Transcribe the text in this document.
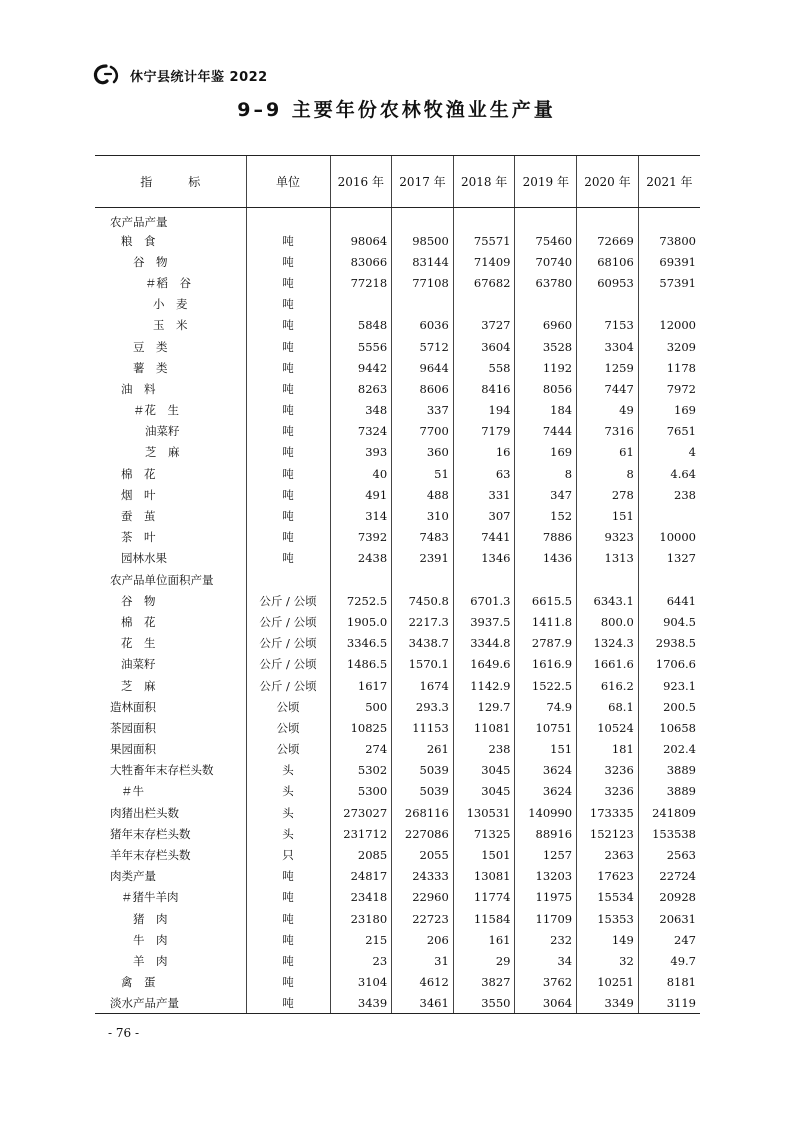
休宁县统计年鉴 2022
9–9 主要年份农林牧渔业生产量
指　　　标	单位	2016 年	2017 年	2018 年	2019 年	2020 年	2021 年
农产品产量							
粮　食	吨	98064	98500	75571	75460	72669	73800
谷　物	吨	83066	83144	71409	70740	68106	69391
＃稻　谷	吨	77218	77108	67682	63780	60953	57391
小　麦	吨						
玉　米	吨	5848	6036	3727	6960	7153	12000
豆　类	吨	5556	5712	3604	3528	3304	3209
薯　类	吨	9442	9644	558	1192	1259	1178
油　料	吨	8263	8606	8416	8056	7447	7972
＃花　生	吨	348	337	194	184	49	169
油菜籽	吨	7324	7700	7179	7444	7316	7651
芝　麻	吨	393	360	16	169	61	4
棉　花	吨	40	51	63	8	8	4.64
烟　叶	吨	491	488	331	347	278	238
蚕　茧	吨	314	310	307	152	151	
茶　叶	吨	7392	7483	7441	7886	9323	10000
园林水果	吨	2438	2391	1346	1436	1313	1327
农产品单位面积产量							
谷　物	公斤 / 公顷	7252.5	7450.8	6701.3	6615.5	6343.1	6441
棉　花	公斤 / 公顷	1905.0	2217.3	3937.5	1411.8	800.0	904.5
花　生	公斤 / 公顷	3346.5	3438.7	3344.8	2787.9	1324.3	2938.5
油菜籽	公斤 / 公顷	1486.5	1570.1	1649.6	1616.9	1661.6	1706.6
芝　麻	公斤 / 公顷	1617	1674	1142.9	1522.5	616.2	923.1
造林面积	公顷	500	293.3	129.7	74.9	68.1	200.5
茶园面积	公顷	10825	11153	11081	10751	10524	10658
果园面积	公顷	274	261	238	151	181	202.4
大牲畜年末存栏头数	头	5302	5039	3045	3624	3236	3889
＃牛	头	5300	5039	3045	3624	3236	3889
肉猪出栏头数	头	273027	268116	130531	140990	173335	241809
猪年末存栏头数	头	231712	227086	71325	88916	152123	153538
羊年末存栏头数	只	2085	2055	1501	1257	2363	2563
肉类产量	吨	24817	24333	13081	13203	17623	22724
＃猪牛羊肉	吨	23418	22960	11774	11975	15534	20928
猪　肉	吨	23180	22723	11584	11709	15353	20631
牛　肉	吨	215	206	161	232	149	247
羊　肉	吨	23	31	29	34	32	49.7
禽　蛋	吨	3104	4612	3827	3762	10251	8181
淡水产品产量	吨	3439	3461	3550	3064	3349	3119
- 76 -
